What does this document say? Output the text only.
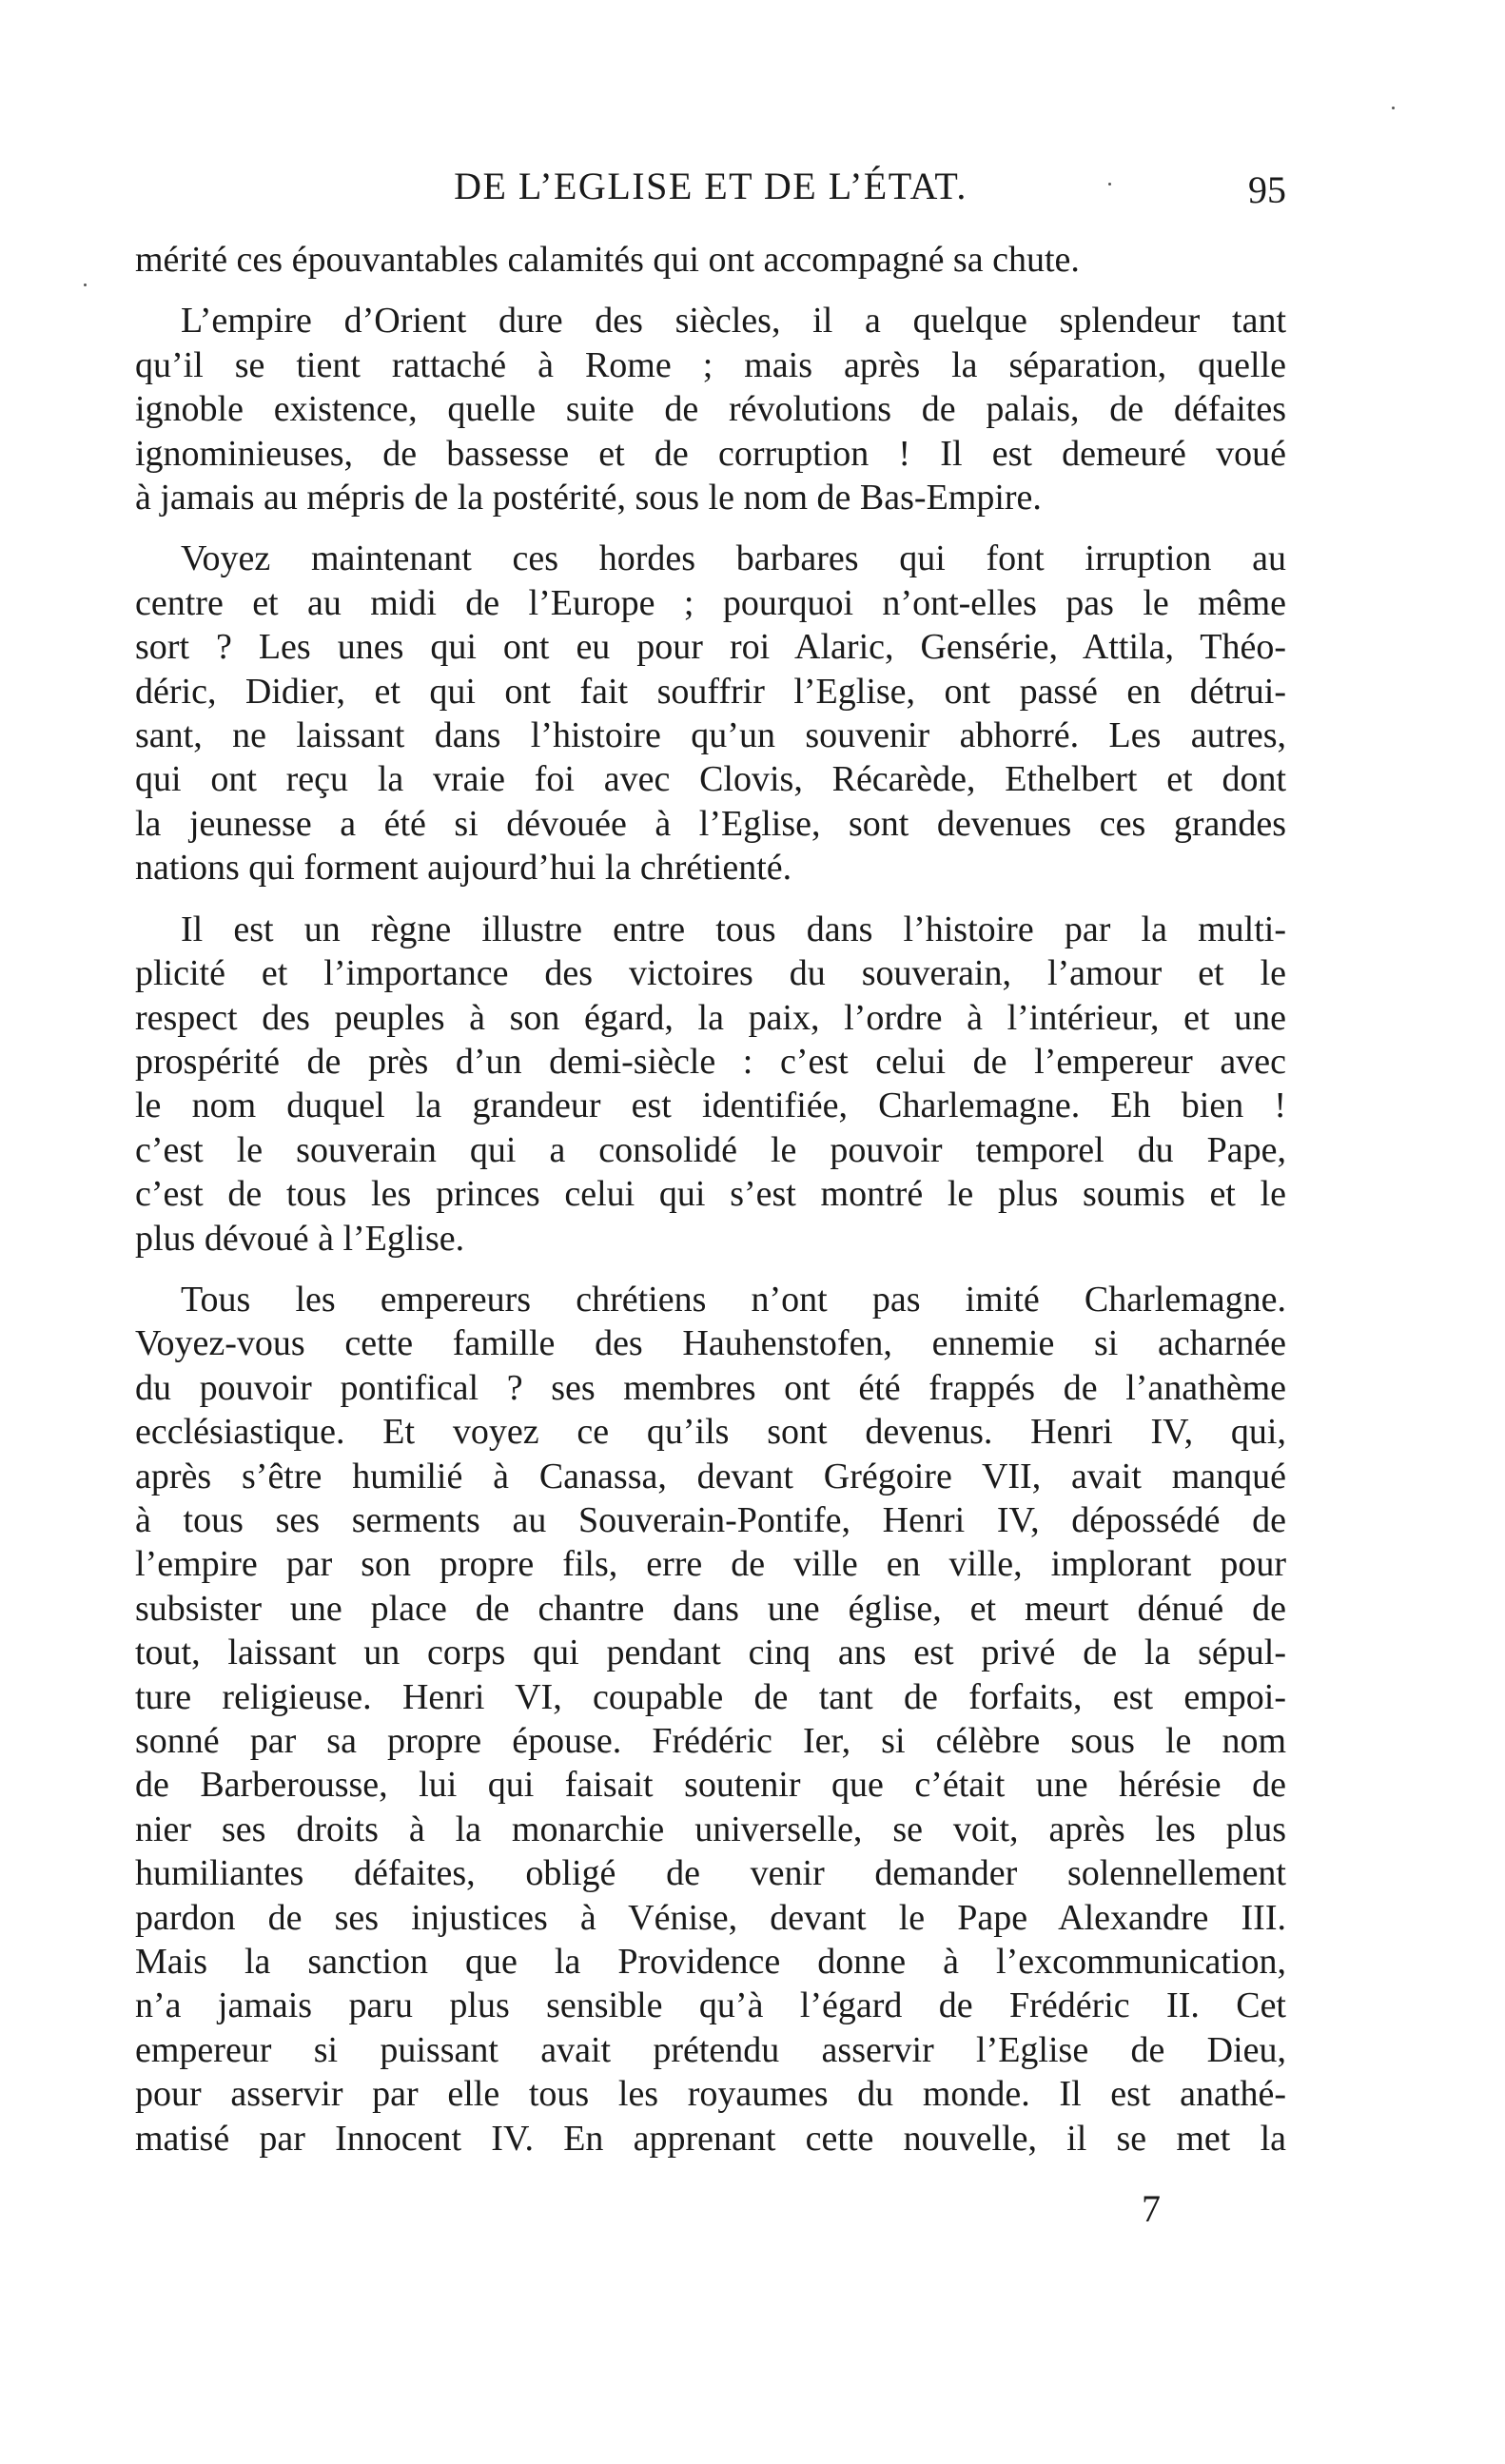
DE L’EGLISE ET DE L’ÉTAT.	95

mérité ces épouvantables calamités qui ont accompagné sa chute.

L’empire d’Orient dure des siècles, il a quelque splendeur tant
qu’il se tient rattaché à Rome ; mais après la séparation, quelle
ignoble existence, quelle suite de révolutions de palais, de défaites
ignominieuses, de bassesse et de corruption ! Il est demeuré voué
à jamais au mépris de la postérité, sous le nom de Bas-Empire.

Voyez maintenant ces hordes barbares qui font irruption au
centre et au midi de l’Europe ; pourquoi n’ont-elles pas le même
sort ? Les unes qui ont eu pour roi Alaric, Gensérie, Attila, Théo-
déric, Didier, et qui ont fait souffrir l’Eglise, ont passé en détrui-
sant, ne laissant dans l’histoire qu’un souvenir abhorré. Les autres,
qui ont reçu la vraie foi avec Clovis, Récarède, Ethelbert et dont
la jeunesse a été si dévouée à l’Eglise, sont devenues ces grandes
nations qui forment aujourd’hui la chrétienté.

Il est un règne illustre entre tous dans l’histoire par la multi-
plicité et l’importance des victoires du souverain, l’amour et le
respect des peuples à son égard, la paix, l’ordre à l’intérieur, et une
prospérité de près d’un demi-siècle : c’est celui de l’empereur avec
le nom duquel la grandeur est identifiée, Charlemagne. Eh bien !
c’est le souverain qui a consolidé le pouvoir temporel du Pape,
c’est de tous les princes celui qui s’est montré le plus soumis et le
plus dévoué à l’Eglise.

Tous les empereurs chrétiens n’ont pas imité Charlemagne.
Voyez-vous cette famille des Hauhenstofen, ennemie si acharnée
du pouvoir pontifical ? ses membres ont été frappés de l’anathème
ecclésiastique. Et voyez ce qu’ils sont devenus. Henri IV, qui,
après s’être humilié à Canassa, devant Grégoire VII, avait manqué
à tous ses serments au Souverain-Pontife, Henri IV, dépossédé de
l’empire par son propre fils, erre de ville en ville, implorant pour
subsister une place de chantre dans une église, et meurt dénué de
tout, laissant un corps qui pendant cinq ans est privé de la sépul-
ture religieuse. Henri VI, coupable de tant de forfaits, est empoi-
sonné par sa propre épouse. Frédéric Ier, si célèbre sous le nom
de Barberousse, lui qui faisait soutenir que c’était une hérésie de
nier ses droits à la monarchie universelle, se voit, après les plus
humiliantes défaites, obligé de venir demander solennellement
pardon de ses injustices à Vénise, devant le Pape Alexandre III.
Mais la sanction que la Providence donne à l’excommunication,
n’a jamais paru plus sensible qu’à l’égard de Frédéric II. Cet
empereur si puissant avait prétendu asservir l’Eglise de Dieu,
pour asservir par elle tous les royaumes du monde. Il est anathé-
matisé par Innocent IV. En apprenant cette nouvelle, il se met la

7
